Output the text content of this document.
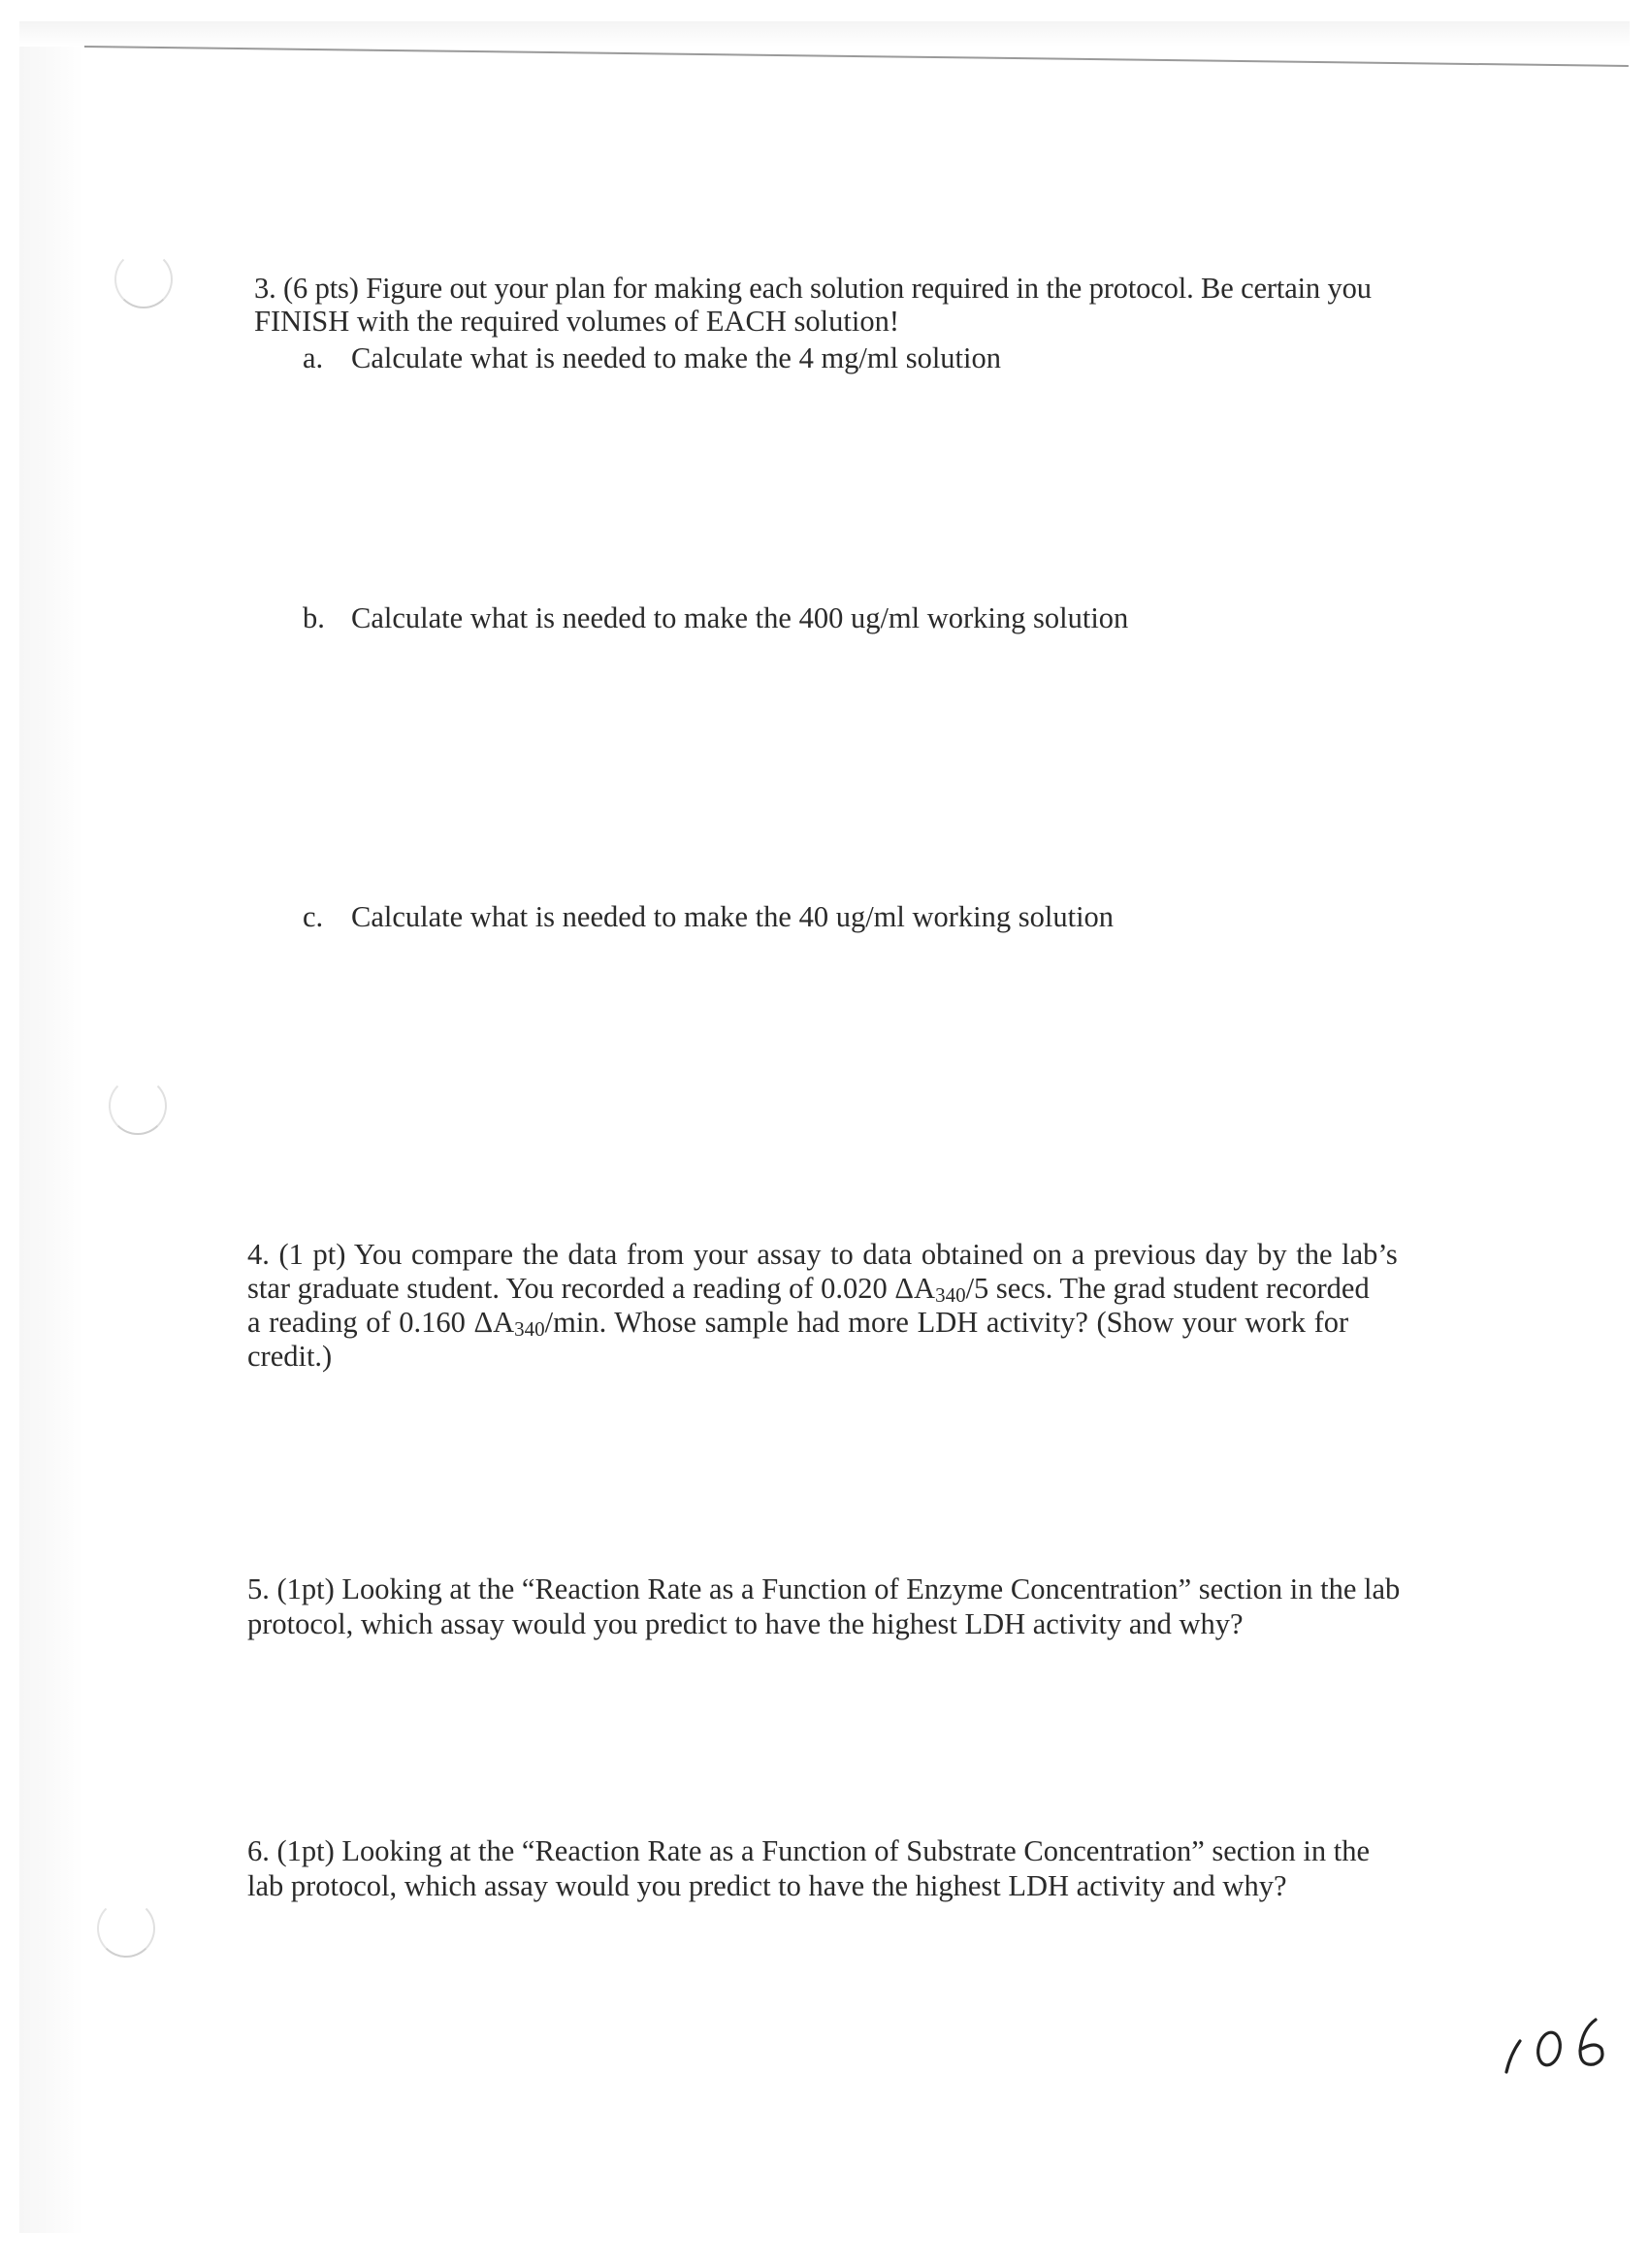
3. (6 pts) Figure out your plan for making each solution required in the protocol. Be certain you
FINISH with the required volumes of EACH solution!
a. Calculate what is needed to make the 4 mg/ml solution
b. Calculate what is needed to make the 400 ug/ml working solution
c. Calculate what is needed to make the 40 ug/ml working solution
4. (1 pt) You compare the data from your assay to data obtained on a previous day by the lab’s
star graduate student. You recorded a reading of 0.020 $\Delta A_{340}/5$ secs. The grad student recorded
a reading of 0.160 $\Delta A_{340}/\min$. Whose sample had more LDH activity? (Show your work for
credit.)
5. (1pt) Looking at the “Reaction Rate as a Function of Enzyme Concentration” section in the lab
protocol, which assay would you predict to have the highest LDH activity and why?
6. (1pt) Looking at the “Reaction Rate as a Function of Substrate Concentration” section in the
lab protocol, which assay would you predict to have the highest LDH activity and why?
